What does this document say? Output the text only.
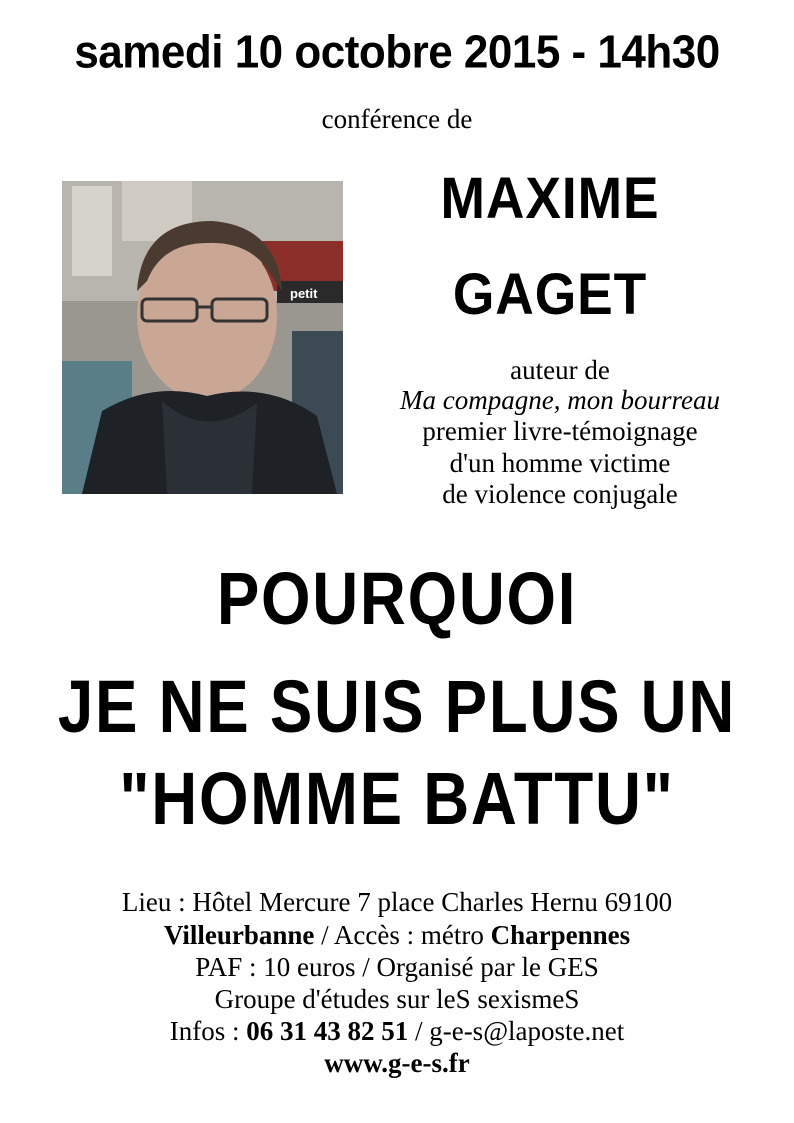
samedi 10 octobre 2015 - 14h30
conférence de
petit
MAXIME
GAGET
auteur de
Ma compagne, mon bourreau
premier livre-témoignage
d'un homme victime
de violence conjugale
POURQUOI
JE NE SUIS PLUS UN
"HOMME BATTU"
Lieu : Hôtel Mercure 7 place Charles Hernu 69100
Villeurbanne / Accès : métro Charpennes
PAF : 10 euros / Organisé par le GES
Groupe d'études sur leS sexismeS
Infos : 06 31 43 82 51 / g-e-s@laposte.net
www.g-e-s.fr
